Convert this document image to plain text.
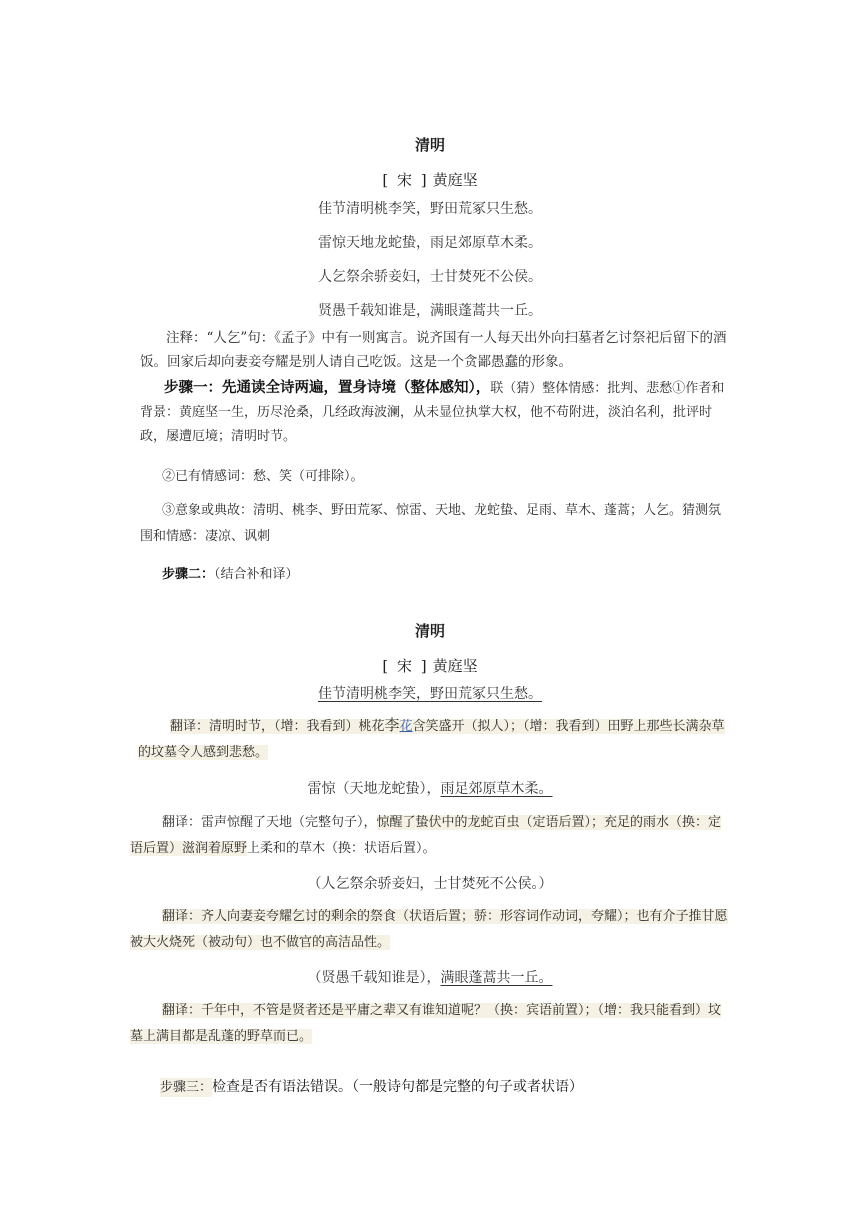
清明
[ 宋 ] 黄庭坚
佳节清明桃李笑，野田荒冢只生愁。
雷惊天地龙蛇蛰，雨足郊原草木柔。
人乞祭余骄妾妇，士甘焚死不公侯。
贤愚千载知谁是，满眼蓬蒿共一丘。
注释：“人乞”句：《孟子》中有一则寓言。说齐国有一人每天出外向扫墓者乞讨祭祀后留下的酒饭。回家后却向妻妾夸耀是别人请自己吃饭。这是一个贪鄙愚蠢的形象。
步骤一：先通读全诗两遍，置身诗境（整体感知），联（猜）整体情感：批判、悲愁①作者和背景：黄庭坚一生，历尽沧桑，几经政海波澜，从未显位执掌大权，他不苟附进，淡泊名利，批评时政，屡遭厄境；清明时节。
②已有情感词：愁、笑（可排除）。
③意象或典故：清明、桃李、野田荒冢、惊雷、天地、龙蛇蛰、足雨、草木、蓬蒿；人乞。猜测氛围和情感：凄凉、讽刺
步骤二：（结合补和译）
清明
[ 宋 ] 黄庭坚
佳节清明桃李笑，野田荒冢只生愁。
翻译：清明时节，（增：我看到）桃花李花含笑盛开（拟人）；（增：我看到）田野上那些长满杂草的坟墓令人感到悲愁。
雷惊（天地龙蛇蛰），雨足郊原草木柔。
翻译：雷声惊醒了天地（完整句子），惊醒了蛰伏中的龙蛇百虫（定语后置）；充足的雨水（换：定语后置）滋润着原野上柔和的草木（换：状语后置）。
（人乞祭余骄妾妇，士甘焚死不公侯。）
翻译：齐人向妻妾夸耀乞讨的剩余的祭食（状语后置；骄：形容词作动词，夸耀）；也有介子推甘愿被大火烧死（被动句）也不做官的高洁品性。
（贤愚千载知谁是），满眼蓬蒿共一丘。
翻译：千年中，不管是贤者还是平庸之辈又有谁知道呢？（换：宾语前置）；（增：我只能看到）坟墓上满目都是乱蓬的野草而已。
步骤三：检查是否有语法错误。（一般诗句都是完整的句子或者状语）
